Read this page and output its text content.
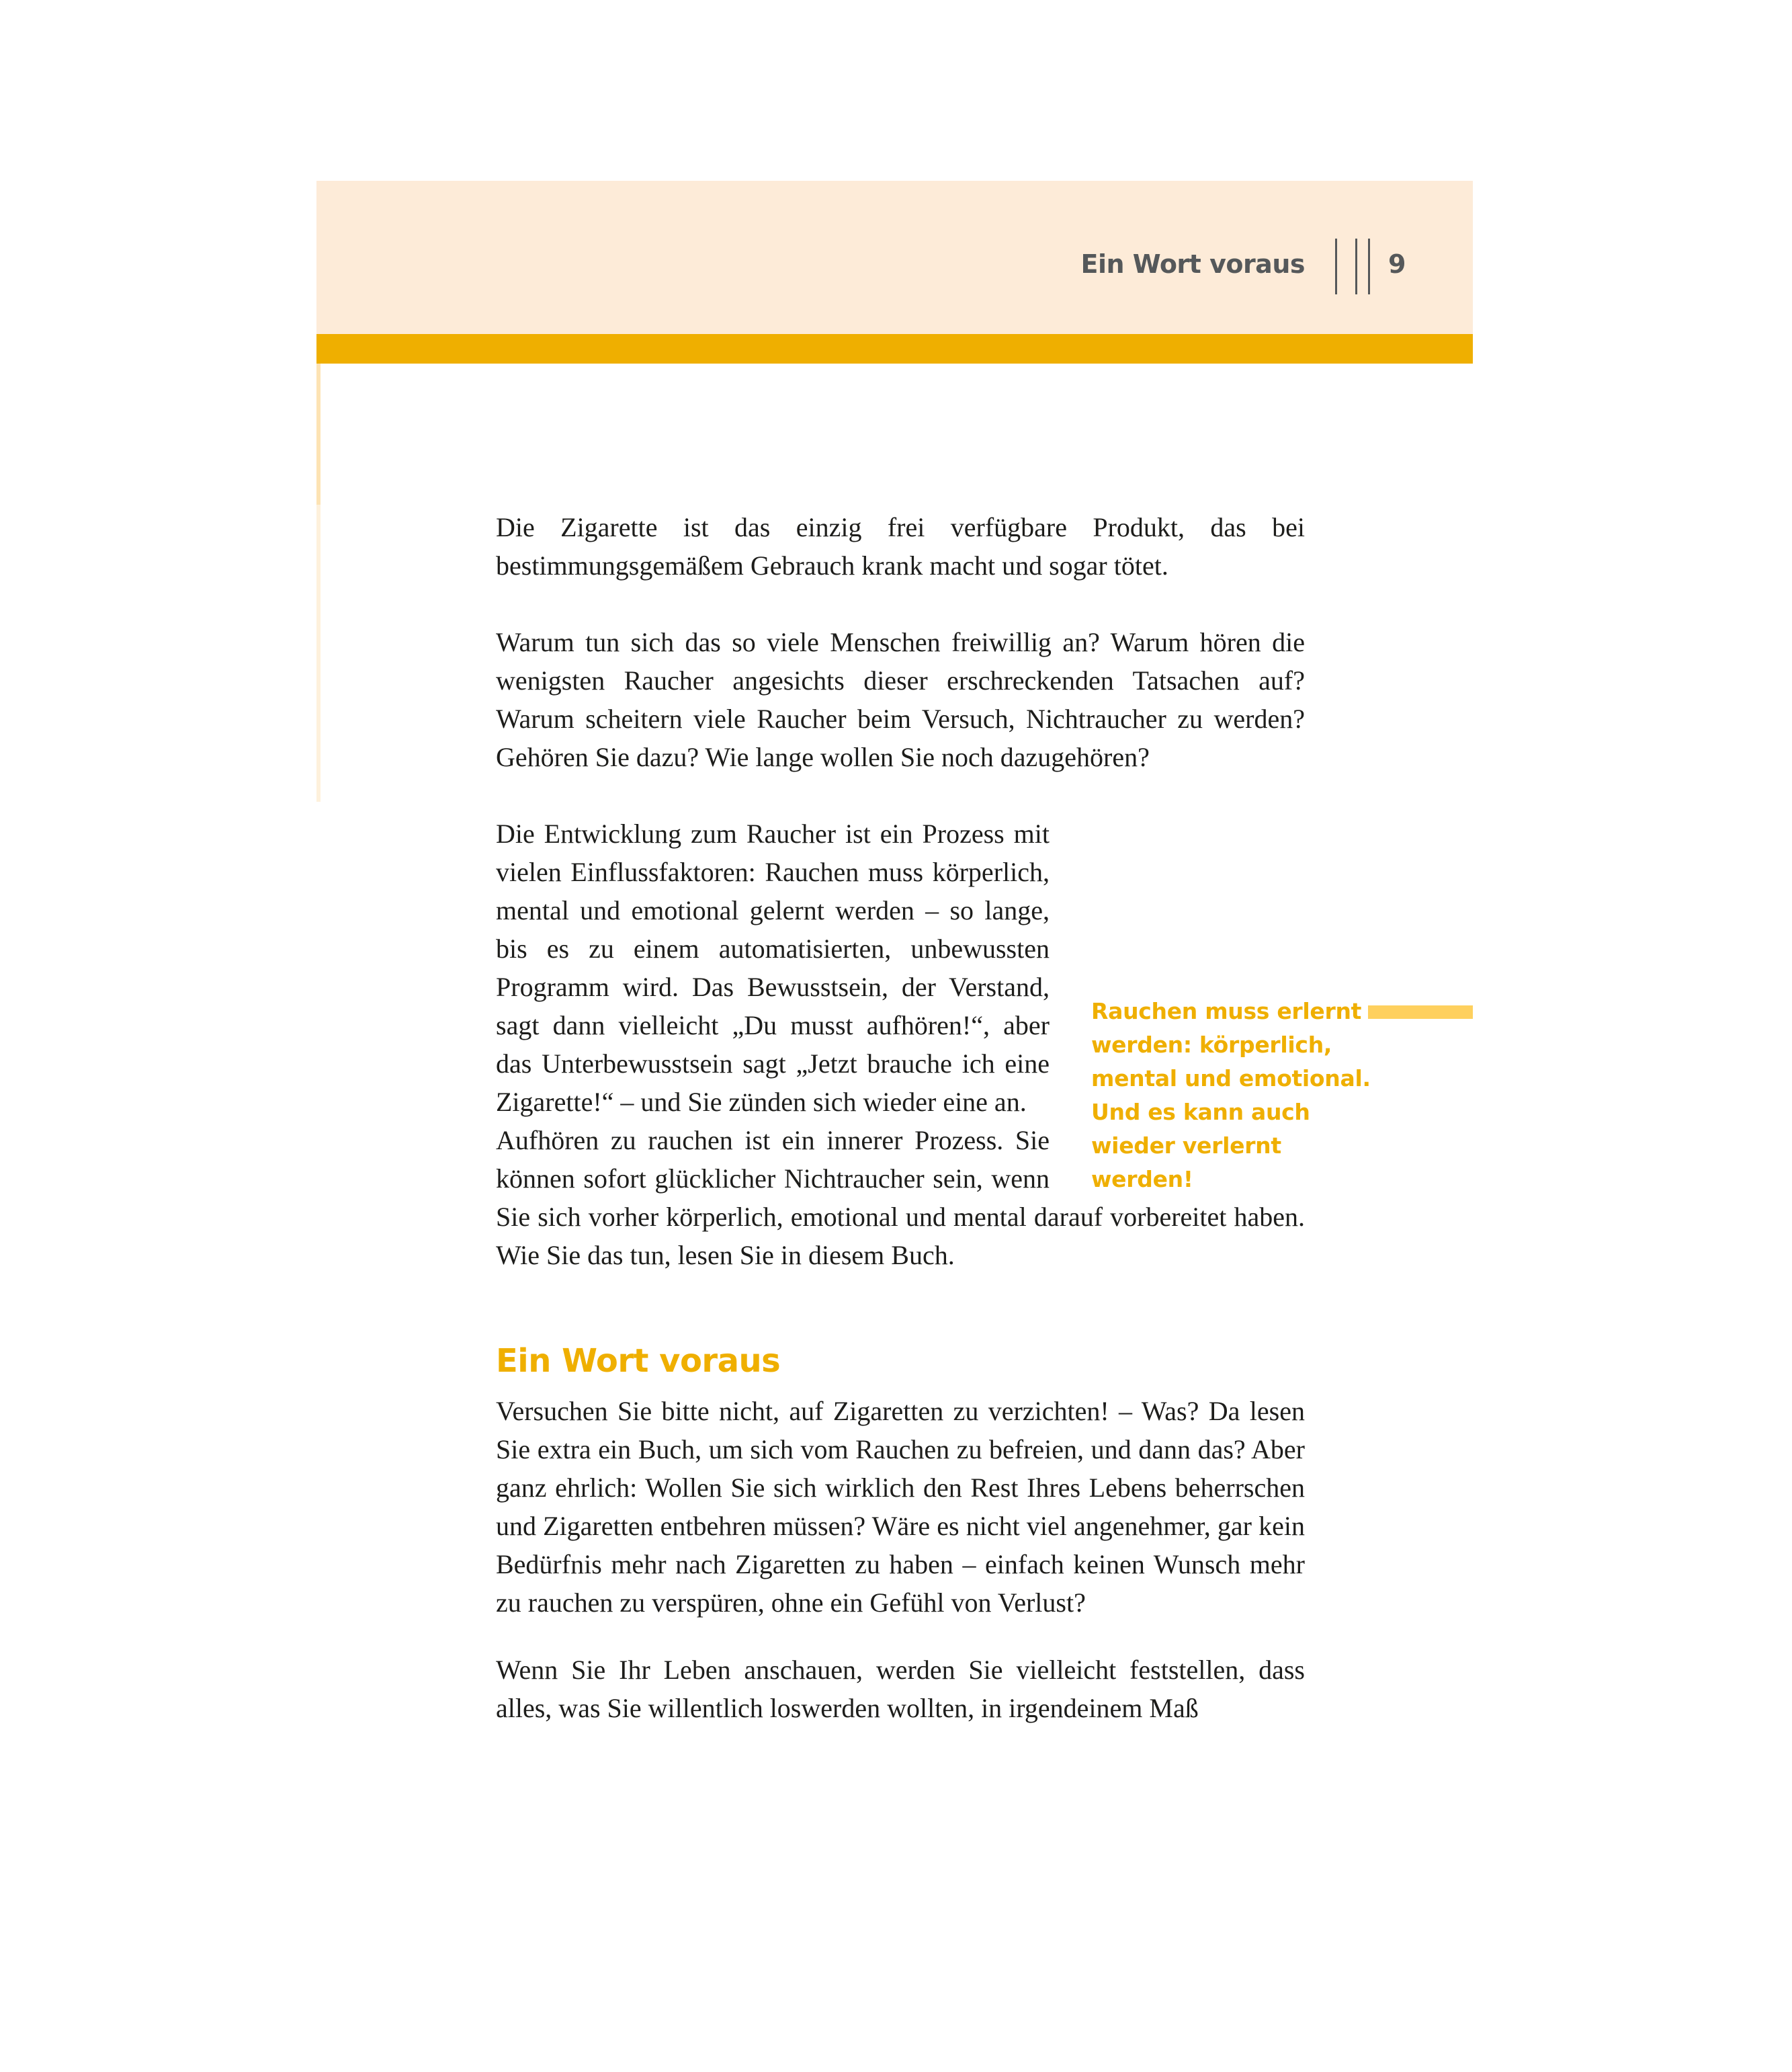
Ein Wort voraus	9

Die Zigarette ist das einzig frei verfügbare Produkt, das bei bestimmungsgemäßem Gebrauch krank macht und sogar tötet.

Warum tun sich das so viele Menschen freiwillig an? Warum hören die wenigsten Raucher angesichts dieser erschreckenden Tatsachen auf? Warum scheitern viele Raucher beim Versuch, Nichtraucher zu werden? Gehören Sie dazu? Wie lange wollen Sie noch dazugehören?

Die Entwicklung zum Raucher ist ein Prozess mit vielen Einflussfaktoren: Rauchen muss körperlich, mental und emotional gelernt werden – so lange, bis es zu einem automatisierten, unbewussten Programm wird. Das Bewusstsein, der Verstand, sagt dann vielleicht „Du musst aufhören!“, aber das Unterbewusstsein sagt „Jetzt brauche ich eine Zigarette!“ – und Sie zünden sich wieder eine an.

Aufhören zu rauchen ist ein innerer Prozess. Sie können sofort glücklicher Nichtraucher sein, wenn Sie sich vorher körperlich, emotional und mental darauf vorbereitet haben. Wie Sie das tun, lesen Sie in diesem Buch.

Rauchen muss erlernt werden: körperlich, mental und emotional. Und es kann auch wieder verlernt werden!
Ein Wort voraus

Versuchen Sie bitte nicht, auf Zigaretten zu verzichten! – Was? Da lesen Sie extra ein Buch, um sich vom Rauchen zu befreien, und dann das? Aber ganz ehrlich: Wollen Sie sich wirklich den Rest Ihres Lebens beherrschen und Zigaretten entbehren müssen? Wäre es nicht viel angenehmer, gar kein Bedürfnis mehr nach Zigaretten zu haben – einfach keinen Wunsch mehr zu rauchen zu verspüren, ohne ein Gefühl von Verlust?

Wenn Sie Ihr Leben anschauen, werden Sie vielleicht feststellen, dass alles, was Sie willentlich loswerden wollten, in irgendeinem Maß
